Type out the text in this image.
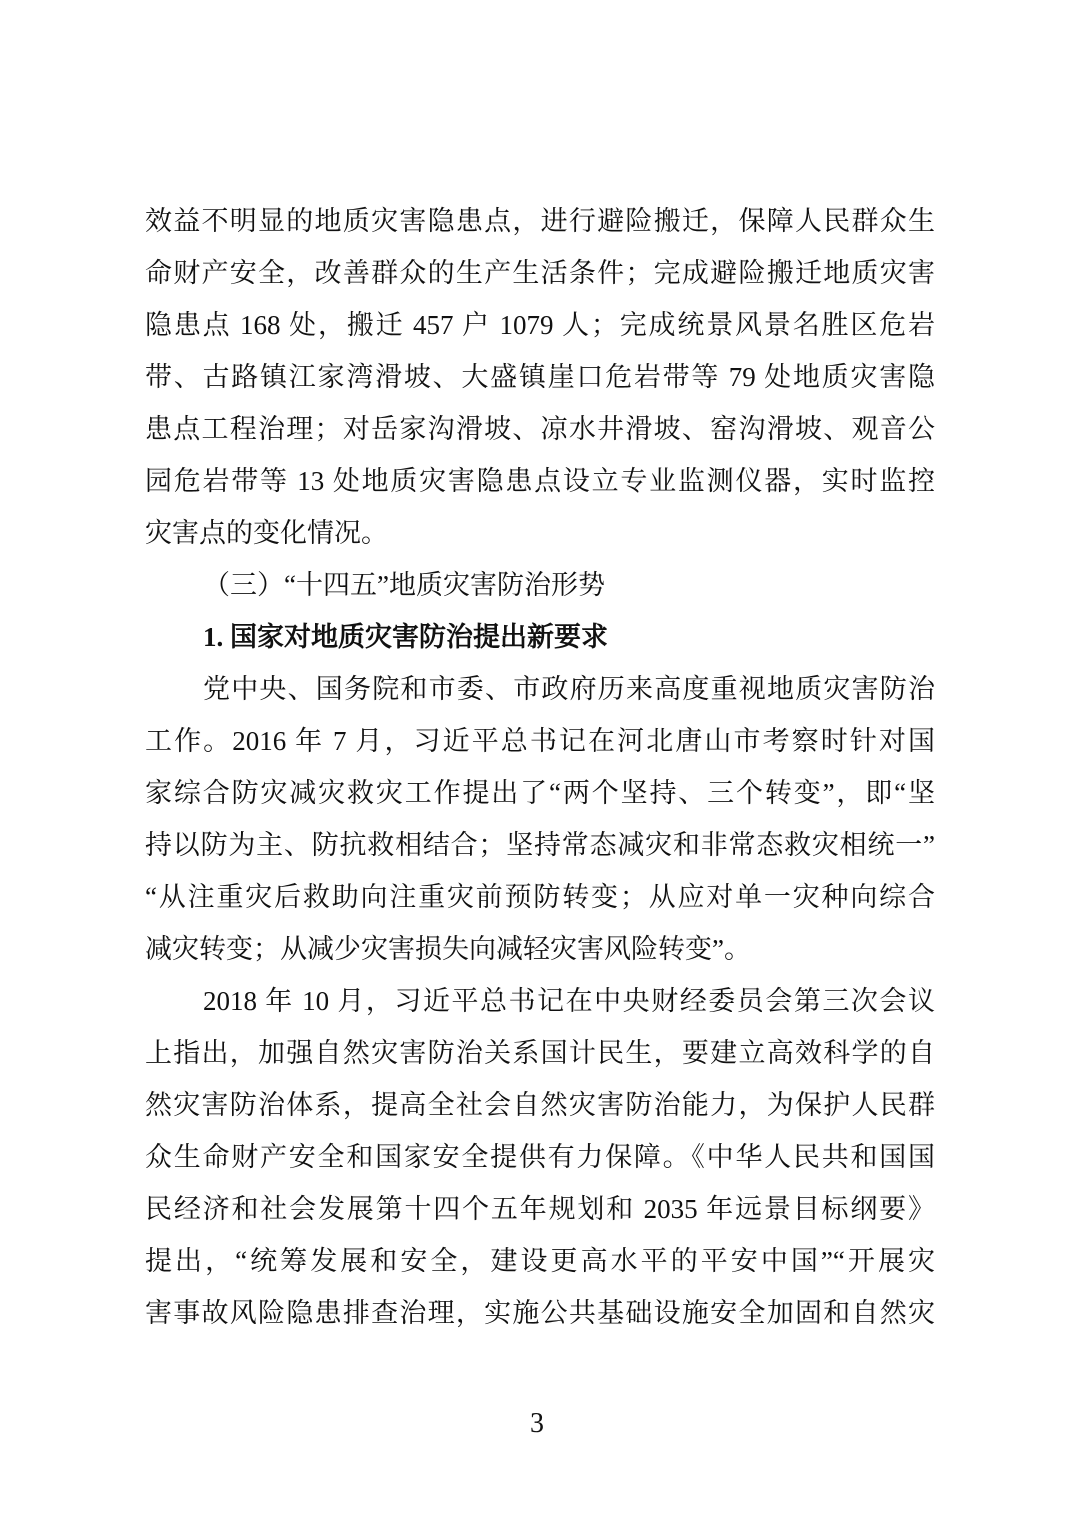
效益不明显的地质灾害隐患点，进行避险搬迁，保障人民群众生
命财产安全，改善群众的生产生活条件；完成避险搬迁地质灾害
隐患点 168 处，搬迁 457 户 1079 人；完成统景风景名胜区危岩
带、古路镇江家湾滑坡、大盛镇崖口危岩带等 79 处地质灾害隐
患点工程治理；对岳家沟滑坡、凉水井滑坡、窑沟滑坡、观音公
园危岩带等 13 处地质灾害隐患点设立专业监测仪器，实时监控
灾害点的变化情况。
（三）“十四五”地质灾害防治形势
1. 国家对地质灾害防治提出新要求
党中央、国务院和市委、市政府历来高度重视地质灾害防治
工作。2016 年 7 月，习近平总书记在河北唐山市考察时针对国
家综合防灾减灾救灾工作提出了“两个坚持、三个转变”，即“坚
持以防为主、防抗救相结合；坚持常态减灾和非常态救灾相统一”
“从注重灾后救助向注重灾前预防转变；从应对单一灾种向综合
减灾转变；从减少灾害损失向减轻灾害风险转变”。
2018 年 10 月，习近平总书记在中央财经委员会第三次会议
上指出，加强自然灾害防治关系国计民生，要建立高效科学的自
然灾害防治体系，提高全社会自然灾害防治能力，为保护人民群
众生命财产安全和国家安全提供有力保障。《中华人民共和国国
民经济和社会发展第十四个五年规划和 2035 年远景目标纲要》
提出，“统筹发展和安全，建设更高水平的平安中国”“开展灾
害事故风险隐患排查治理，实施公共基础设施安全加固和自然灾
3
